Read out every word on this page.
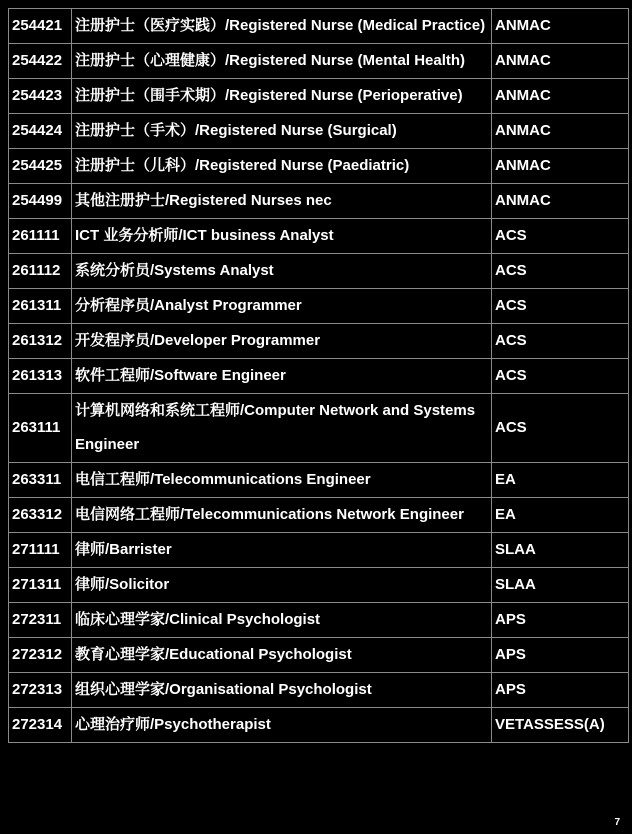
254421	注册护士（医疗实践）/Registered Nurse (Medical Practice)	ANMAC
254422	注册护士（心理健康）/Registered Nurse (Mental Health)	ANMAC
254423	注册护士（围手术期）/Registered Nurse (Perioperative)	ANMAC
254424	注册护士（手术）/Registered Nurse (Surgical)	ANMAC
254425	注册护士（儿科）/Registered Nurse (Paediatric)	ANMAC
254499	其他注册护士/Registered Nurses nec	ANMAC
261111	ICT 业务分析师/ICT business Analyst	ACS
261112	系统分析员/Systems Analyst	ACS
261311	分析程序员/Analyst Programmer	ACS
261312	开发程序员/Developer Programmer	ACS
261313	软件工程师/Software Engineer	ACS
263111	计算机网络和系统工程师/Computer Network and Systems Engineer	ACS
263311	电信工程师/Telecommunications Engineer	EA
263312	电信网络工程师/Telecommunications Network Engineer	EA
271111	律师/Barrister	SLAA
271311	律师/Solicitor	SLAA
272311	临床心理学家/Clinical Psychologist	APS
272312	教育心理学家/Educational Psychologist	APS
272313	组织心理学家/Organisational Psychologist	APS
272314	心理治疗师/Psychotherapist	VETASSESS(A)
7
